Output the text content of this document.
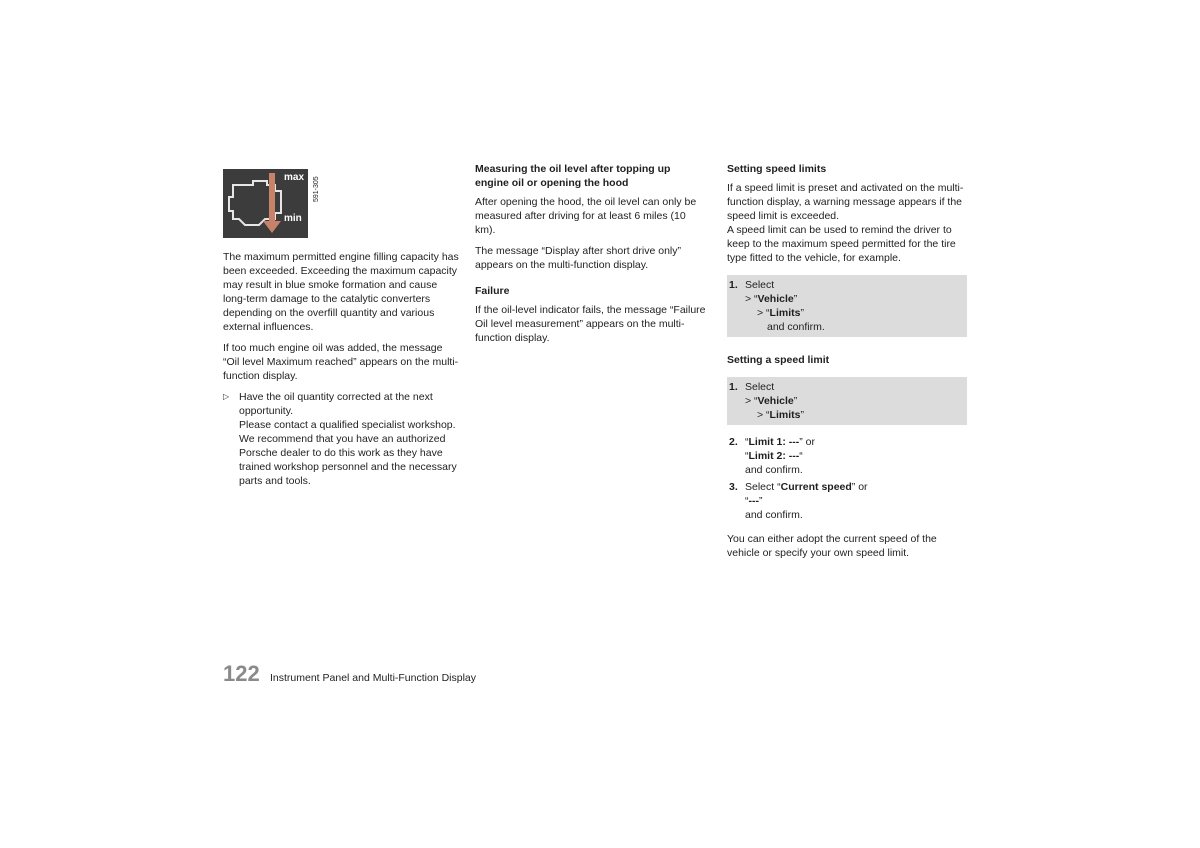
max
min
591-305

The maximum permitted engine filling capacity has been exceeded. Exceeding the maximum capacity may result in blue smoke formation and cause long-term damage to the catalytic converters depending on the overfill quantity and various external influences.

If too much engine oil was added, the message “Oil level Maximum reached” appears on the multi-function display.

▷ Have the oil quantity corrected at the next opportunity.
Please contact a qualified specialist workshop.
We recommend that you have an authorized Porsche dealer to do this work as they have trained workshop personnel and the necessary parts and tools.
Measuring the oil level after topping up engine oil or opening the hood

After opening the hood, the oil level can only be measured after driving for at least 6 miles (10 km).

The message “Display after short drive only” appears on the multi-function display.

Failure

If the oil-level indicator fails, the message “Failure Oil level measurement” appears on the multi-function display.

Setting speed limits
If a speed limit is preset and activated on the multi-function display, a warning message appears if the speed limit is exceeded.

A speed limit can be used to remind the driver to keep to the maximum speed permitted for the tire type fitted to the vehicle, for example.

1. Select
> “Vehicle”
> “Limits”
and confirm.
Setting a speed limit
1. Select
> “Vehicle”
> “Limits”
2. “Limit 1: ---” or
“Limit 2: ---“
and confirm.
3. Select “Current speed” or
“---”
and confirm.

You can either adopt the current speed of the vehicle or specify your own speed limit.

122 Instrument Panel and Multi-Function Display
